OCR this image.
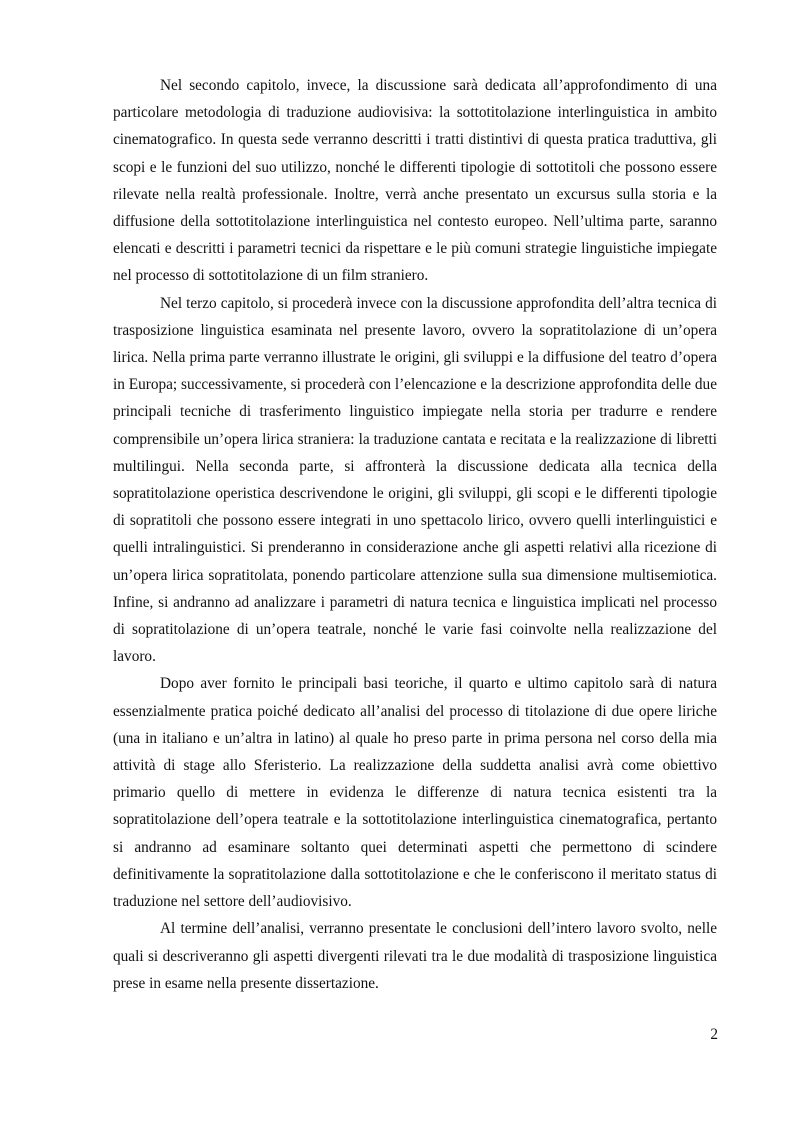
Nel secondo capitolo, invece, la discussione sarà dedicata all’approfondimento di una particolare metodologia di traduzione audiovisiva: la sottotitolazione interlinguistica in ambito cinematografico. In questa sede verranno descritti i tratti distintivi di questa pratica traduttiva, gli scopi e le funzioni del suo utilizzo, nonché le differenti tipologie di sottotitoli che possono essere rilevate nella realtà professionale. Inoltre, verrà anche presentato un excursus sulla storia e la diffusione della sottotitolazione interlinguistica nel contesto europeo. Nell’ultima parte, saranno elencati e descritti i parametri tecnici da rispettare e le più comuni strategie linguistiche impiegate nel processo di sottotitolazione di un film straniero.

Nel terzo capitolo, si procederà invece con la discussione approfondita dell’altra tecnica di trasposizione linguistica esaminata nel presente lavoro, ovvero la sopratitolazione di un’opera lirica. Nella prima parte verranno illustrate le origini, gli sviluppi e la diffusione del teatro d’opera in Europa; successivamente, si procederà con l’elencazione e la descrizione approfondita delle due principali tecniche di trasferimento linguistico impiegate nella storia per tradurre e rendere comprensibile un’opera lirica straniera: la traduzione cantata e recitata e la realizzazione di libretti multilingui. Nella seconda parte, si affronterà la discussione dedicata alla tecnica della sopratitolazione operistica descrivendone le origini, gli sviluppi, gli scopi e le differenti tipologie di sopratitoli che possono essere integrati in uno spettacolo lirico, ovvero quelli interlinguistici e quelli intralinguistici. Si prenderanno in considerazione anche gli aspetti relativi alla ricezione di un’opera lirica sopratitolata, ponendo particolare attenzione sulla sua dimensione multisemiotica. Infine, si andranno ad analizzare i parametri di natura tecnica e linguistica implicati nel processo di sopratitolazione di un’opera teatrale, nonché le varie fasi coinvolte nella realizzazione del lavoro.

Dopo aver fornito le principali basi teoriche, il quarto e ultimo capitolo sarà di natura essenzialmente pratica poiché dedicato all’analisi del processo di titolazione di due opere liriche (una in italiano e un’altra in latino) al quale ho preso parte in prima persona nel corso della mia attività di stage allo Sferisterio. La realizzazione della suddetta analisi avrà come obiettivo primario quello di mettere in evidenza le differenze di natura tecnica esistenti tra la sopratitolazione dell’opera teatrale e la sottotitolazione interlinguistica cinematografica, pertanto si andranno ad esaminare soltanto quei determinati aspetti che permettono di scindere definitivamente la sopratitolazione dalla sottotitolazione e che le conferiscono il meritato status di traduzione nel settore dell’audiovisivo.

Al termine dell’analisi, verranno presentate le conclusioni dell’intero lavoro svolto, nelle quali si descriveranno gli aspetti divergenti rilevati tra le due modalità di trasposizione linguistica prese in esame nella presente dissertazione.

2
